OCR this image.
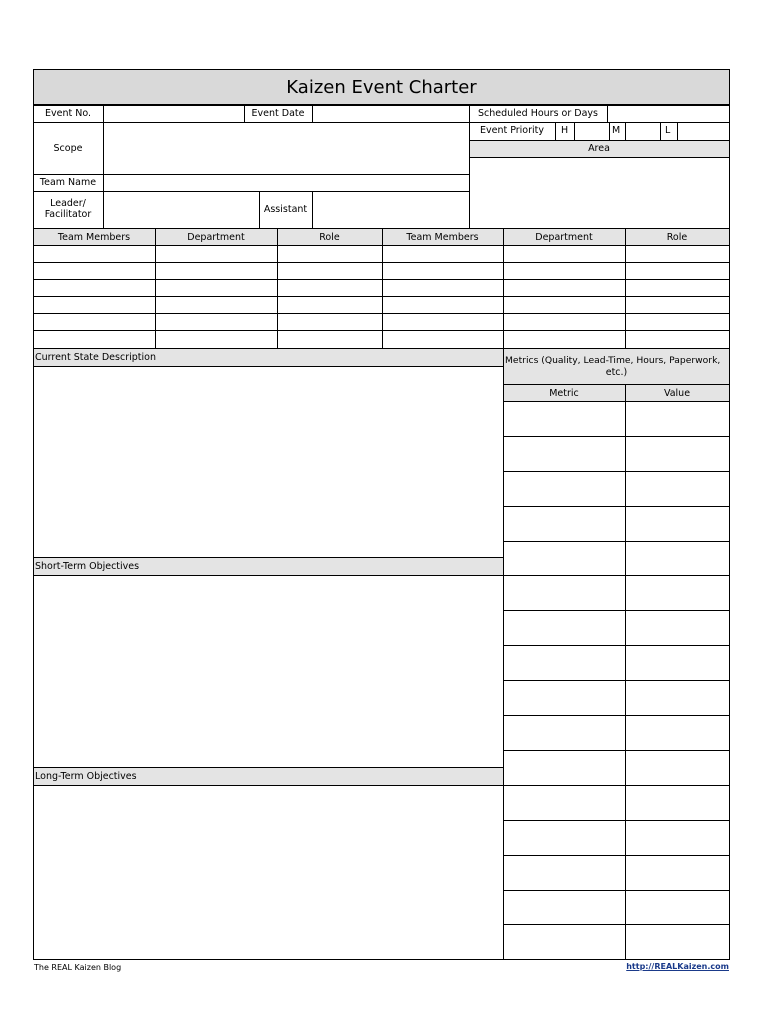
Kaizen Event Charter
Event No.	Event Date	Scheduled Hours or Days
Event Priority	H	M	L
Scope	Area
Team Name
Leader/
Facilitator	Assistant
Team Members	Department	Role	Team Members	Department	Role
Current State Description
Short-Term Objectives
Long-Term Objectives
Metrics (Quality, Lead-Time, Hours, Paperwork,
etc.)
Metric	Value
The REAL Kaizen Blog	http://REALKaizen.com
